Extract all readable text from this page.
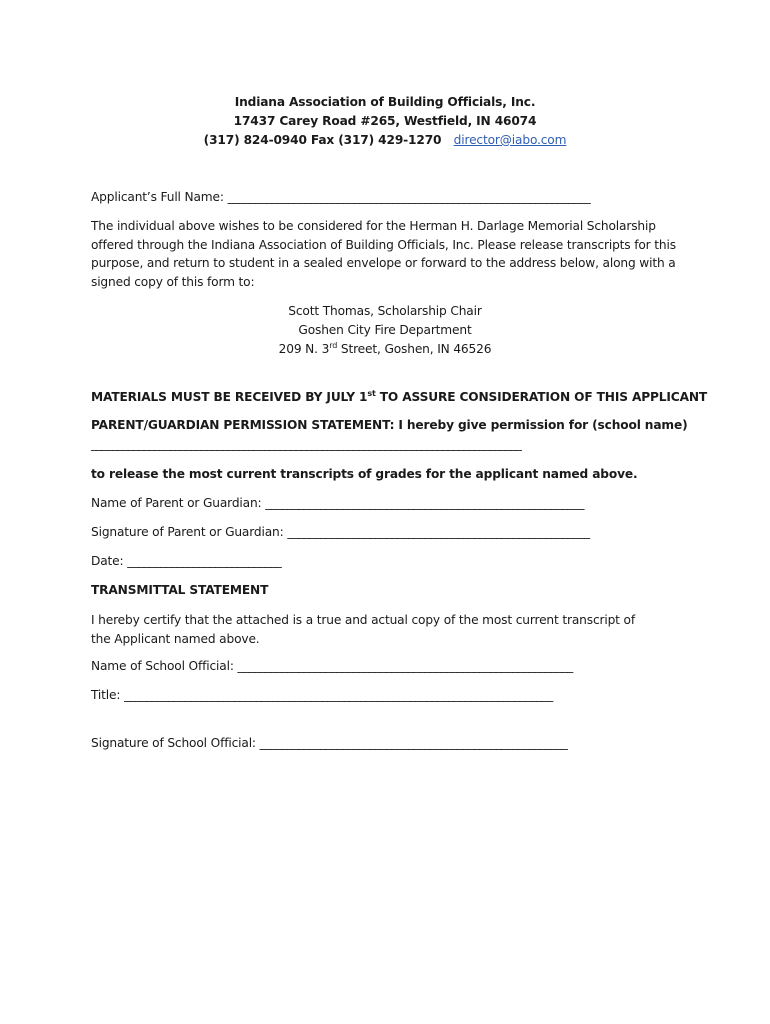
Indiana Association of Building Officials, Inc.
17437 Carey Road #265, Westfield, IN 46074
(317) 824-0940 Fax (317) 429-1270 director@iabo.com
Applicant’s Full Name: __________________________________________________________________
The individual above wishes to be considered for the Herman H. Darlage Memorial Scholarship offered through the Indiana Association of Building Officials, Inc. Please release transcripts for this purpose, and return to student in a sealed envelope or forward to the address below, along with a signed copy of this form to:
Scott Thomas, Scholarship Chair
Goshen City Fire Department
209 N. 3rd Street, Goshen, IN 46526
MATERIALS MUST BE RECEIVED BY JULY 1st TO ASSURE CONSIDERATION OF THIS APPLICANT
PARENT/GUARDIAN PERMISSION STATEMENT: I hereby give permission for (school name)
__________________________________________________________________________________
to release the most current transcripts of grades for the applicant named above.
Name of Parent or Guardian: __________________________________________________________
Signature of Parent or Guardian: _______________________________________________________
Date: ____________________________
TRANSMITTAL STATEMENT
I hereby certify that the attached is a true and actual copy of the most current transcript of the Applicant named above.
Name of School Official: _____________________________________________________________
Title: ______________________________________________________________________________
Signature of School Official: ________________________________________________________
